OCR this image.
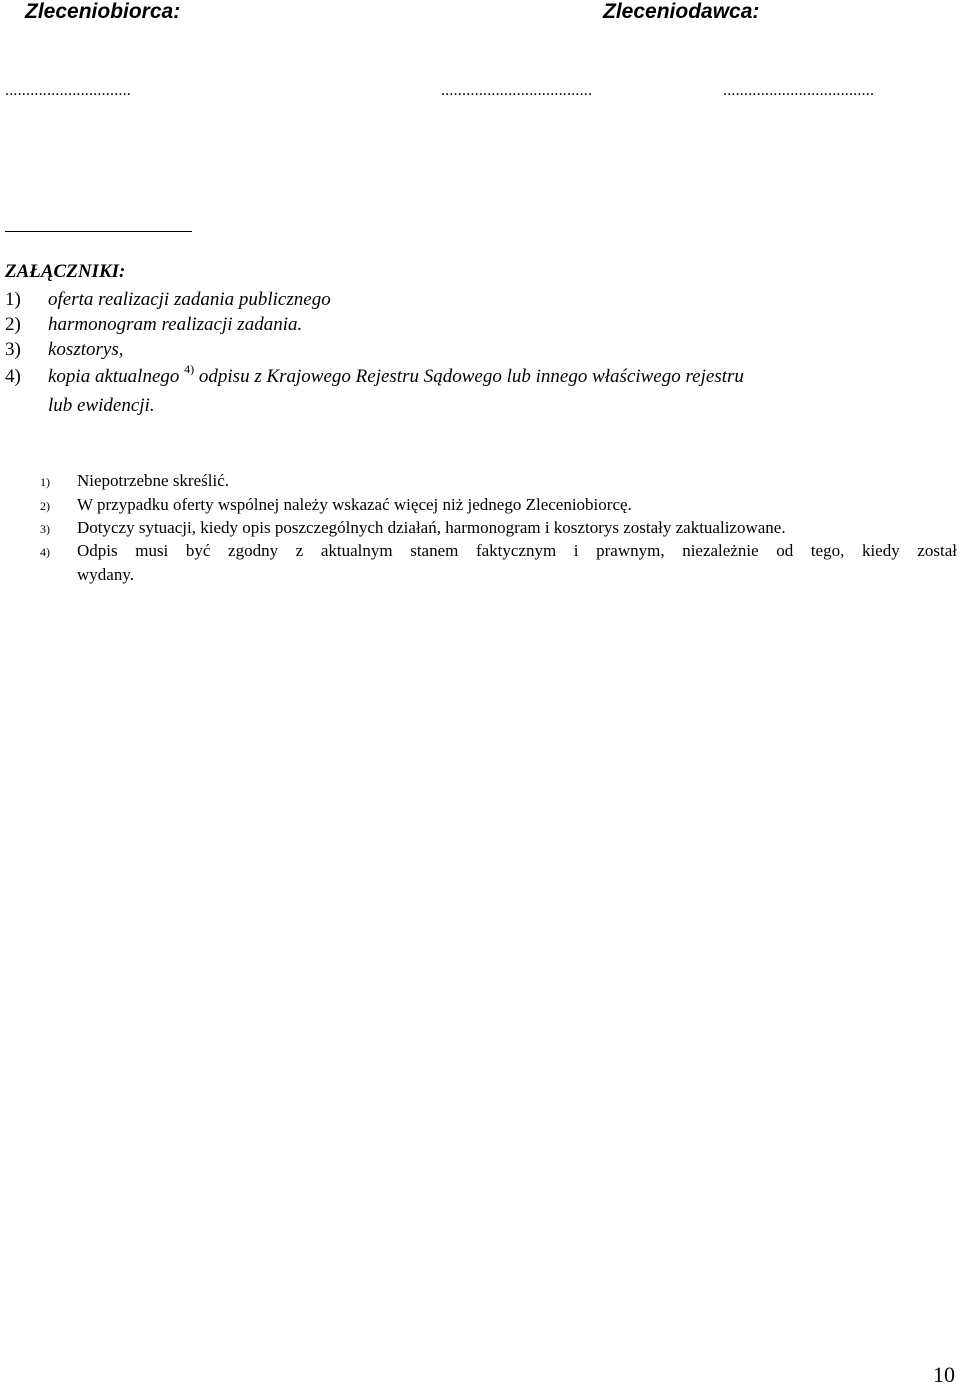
Zleceniobiorca:	Zleceniodawca:
..............................	....................................	....................................
ZAŁĄCZNIKI:
1) oferta realizacji zadania publicznego
2) harmonogram realizacji zadania.
3) kosztorys,
4) kopia aktualnego $^{4)}$ odpisu z Krajowego Rejestru Sądowego lub innego właściwego rejestru
lub ewidencji.
1) Niepotrzebne skreślić.
2) W przypadku oferty wspólnej należy wskazać więcej niż jednego Zleceniobiorcę.
3) Dotyczy sytuacji, kiedy opis poszczególnych działań, harmonogram i kosztorys zostały zaktualizowane.
4) Odpis musi być zgodny z aktualnym stanem faktycznym i prawnym, niezależnie od tego, kiedy został
wydany.
10
